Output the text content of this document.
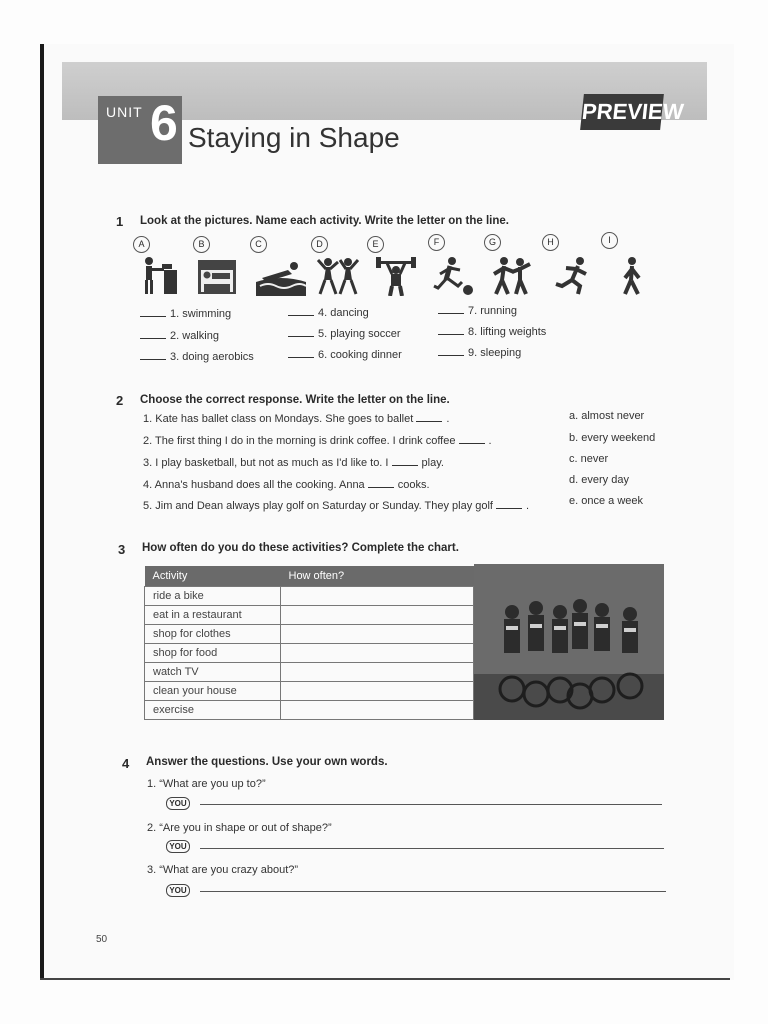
UNIT 6 Staying in Shape
PREVIEW
1 Look at the pictures. Name each activity. Write the letter on the line.
A	B	C	D	E	F	G	H	I
1. swimming
2. walking
3. doing aerobics
4. dancing
5. playing soccer
6. cooking dinner
7. running
8. lifting weights
9. sleeping
2 Choose the correct response. Write the letter on the line.
1. Kate has ballet class on Mondays. She goes to ballet	.
2. The first thing I do in the morning is drink coffee. I drink coffee	.
3. I play basketball, but not as much as I'd like to. I	play.
4. Anna's husband does all the cooking. Anna	cooks.
5. Jim and Dean always play golf on Saturday or Sunday. They play golf	.
a. almost never
b. every weekend
c. never
d. every day
e. once a week
3 How often do you do these activities? Complete the chart.
Activity	How often?
ride a bike	
eat in a restaurant	
shop for clothes	
shop for food	
watch TV	
clean your house	
exercise	
4 Answer the questions. Use your own words.
1. “What are you up to?”
YOU
2. “Are you in shape or out of shape?”
YOU
3. “What are you crazy about?”
YOU
50
